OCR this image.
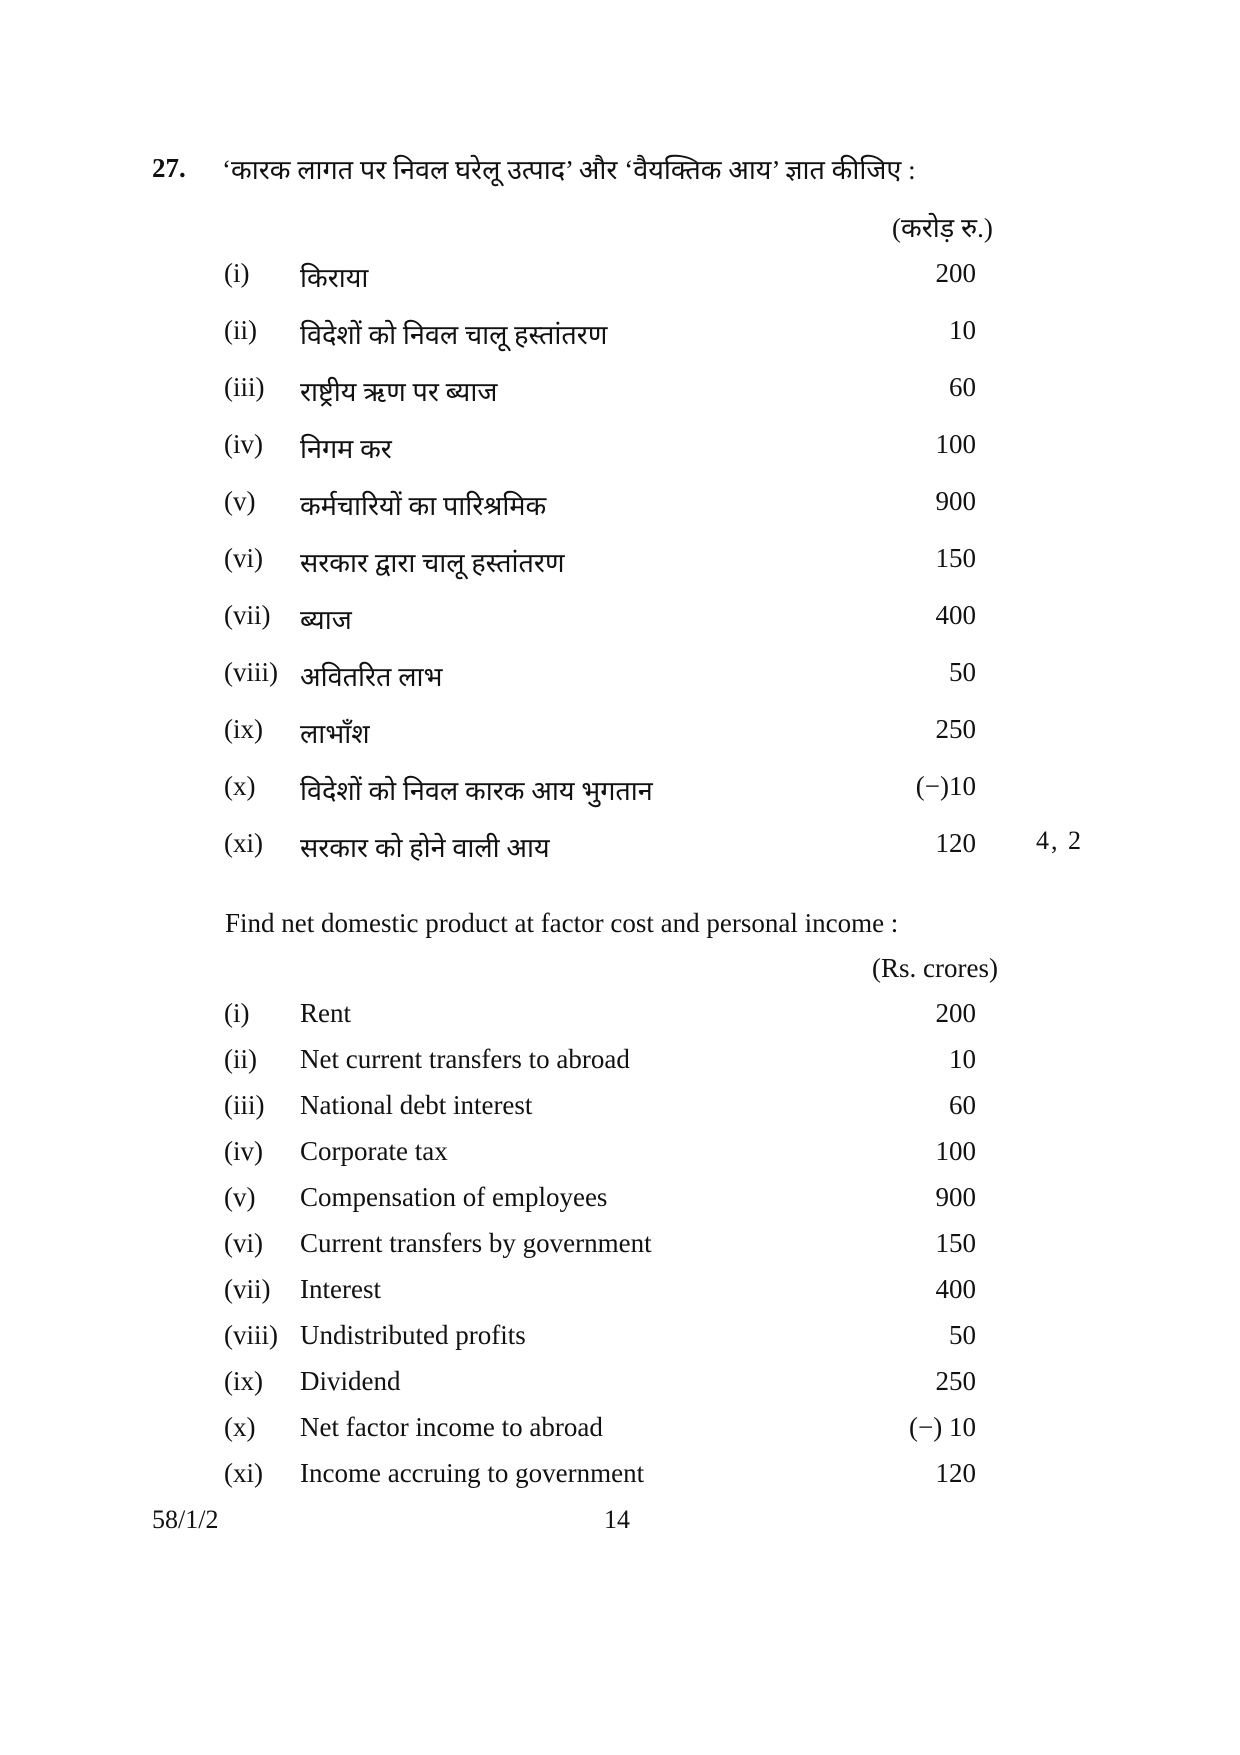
27. ‘कारक लागत पर निवल घरेलू उत्पाद’ और ‘वैयक्तिक आय’ ज्ञात कीजिए :
(करोड़ रु.)
(i) किराया	200
(ii) विदेशों को निवल चालू हस्तांतरण	10
(iii) राष्ट्रीय ऋण पर ब्याज	60
(iv) निगम कर	100
(v) कर्मचारियों का पारिश्रमिक	900
(vi) सरकार द्वारा चालू हस्तांतरण	150
(vii) ब्याज	400
(viii) अवितरित लाभ	50
(ix) लाभाँश	250
(x) विदेशों को निवल कारक आय भुगतान	(−)10
(xi) सरकार को होने वाली आय	120 4, 2
Find net domestic product at factor cost and personal income :
(Rs. crores)
(i) Rent	200
(ii) Net current transfers to abroad	10
(iii) National debt interest	60
(iv) Corporate tax	100
(v) Compensation of employees	900
(vi) Current transfers by government	150
(vii) Interest	400
(viii) Undistributed profits	50
(ix) Dividend	250
(x) Net factor income to abroad	(−) 10
(xi) Income accruing to government	120
58/1/2	14
